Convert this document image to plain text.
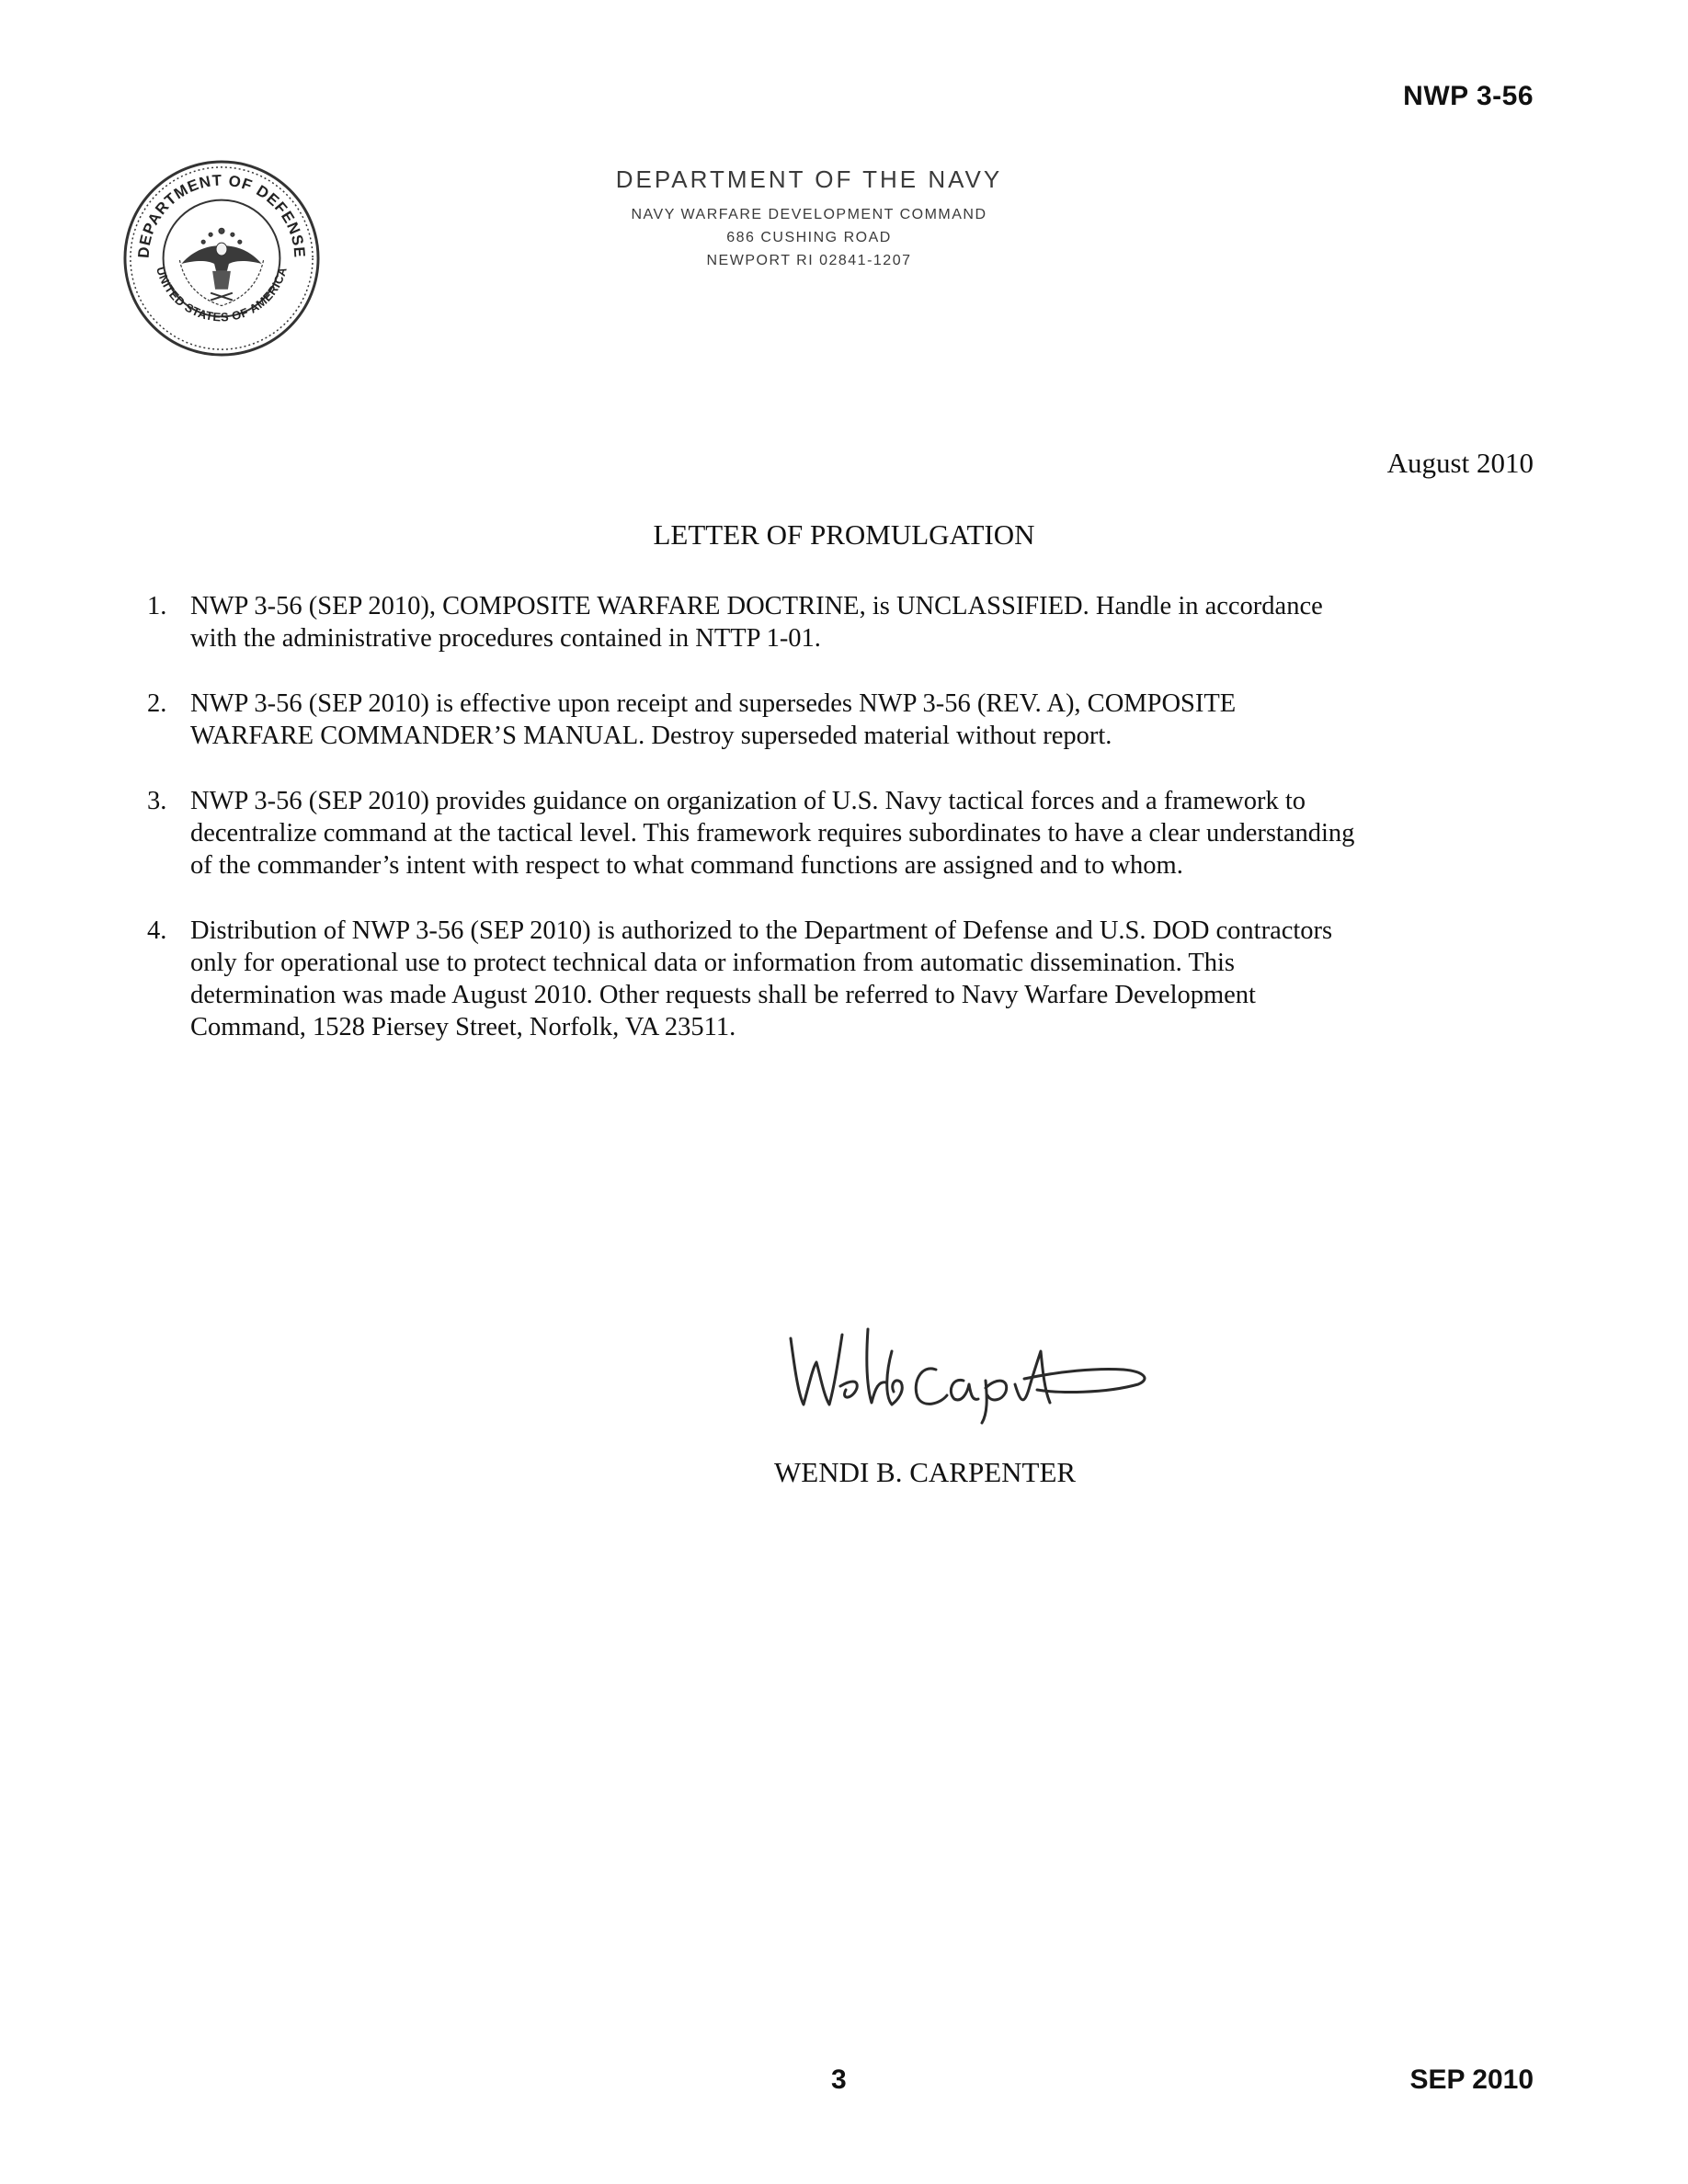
NWP 3-56
DEPARTMENT OF DEFENSE
UNITED STATES OF AMERICA
DEPARTMENT OF THE NAVY
NAVY WARFARE DEVELOPMENT COMMAND
686 CUSHING ROAD
NEWPORT RI 02841-1207
August 2010
LETTER OF PROMULGATION
1. NWP 3-56 (SEP 2010), COMPOSITE WARFARE DOCTRINE, is UNCLASSIFIED. Handle in accordance
with the administrative procedures contained in NTTP 1-01.
2. NWP 3-56 (SEP 2010) is effective upon receipt and supersedes NWP 3-56 (REV. A), COMPOSITE
WARFARE COMMANDER’S MANUAL. Destroy superseded material without report.
3. NWP 3-56 (SEP 2010) provides guidance on organization of U.S. Navy tactical forces and a framework to
decentralize command at the tactical level. This framework requires subordinates to have a clear understanding
of the commander’s intent with respect to what command functions are assigned and to whom.
4. Distribution of NWP 3-56 (SEP 2010) is authorized to the Department of Defense and U.S. DOD contractors
only for operational use to protect technical data or information from automatic dissemination. This
determination was made August 2010. Other requests shall be referred to Navy Warfare Development
Command, 1528 Piersey Street, Norfolk, VA 23511.
WENDI B. CARPENTER
3	SEP 2010
